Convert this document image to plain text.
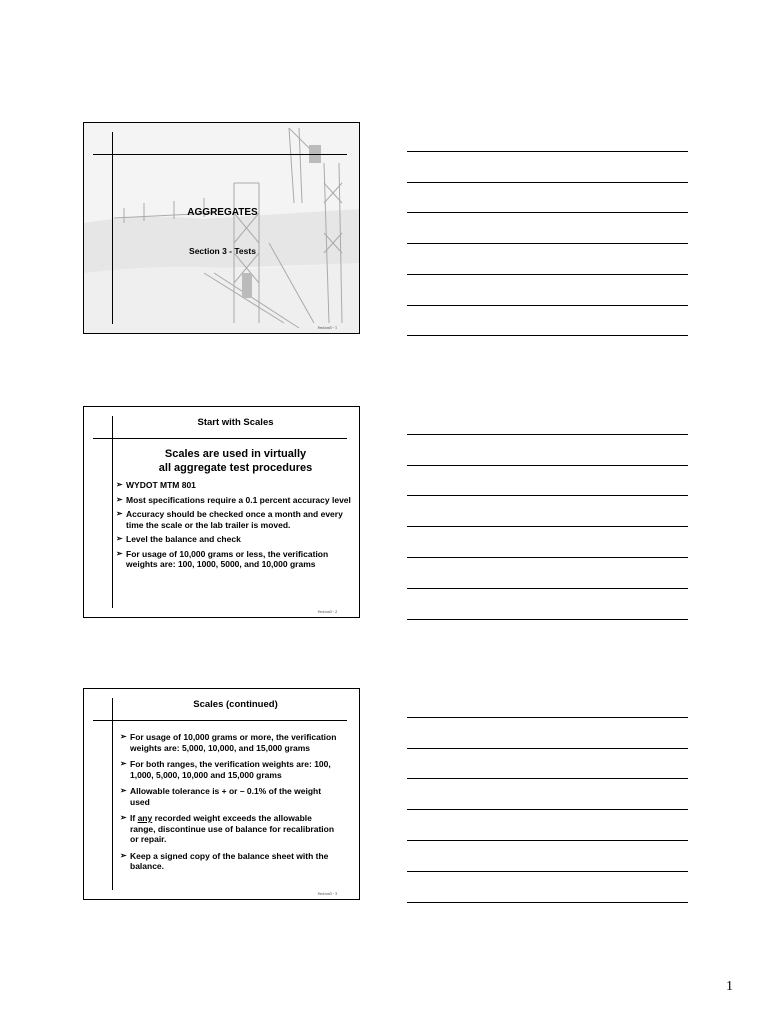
AGGREGATES
Section 3 - Tests
Section3 - 1
Start with Scales
Scales are used in virtually
all aggregate test procedures
➢ WYDOT MTM 801
➢ Most specifications require a 0.1 percent accuracy level
➢ Accuracy should be checked once a month and every time the scale or the lab trailer is moved.
➢ Level the balance and check
➢ For usage of 10,000 grams or less, the verification weights are: 100, 1000, 5000, and 10,000 grams
Section3 - 2
Scales (continued)
➢ For usage of 10,000 grams or more, the verification weights are: 5,000, 10,000, and 15,000 grams
➢ For both ranges, the verification weights are: 100, 1,000, 5,000, 10,000 and 15,000 grams
➢ Allowable tolerance is + or – 0.1% of the weight used
➢ If any recorded weight exceeds the allowable range, discontinue use of balance for recalibration or repair.
➢ Keep a signed copy of the balance sheet with the balance.
Section3 - 3
1
